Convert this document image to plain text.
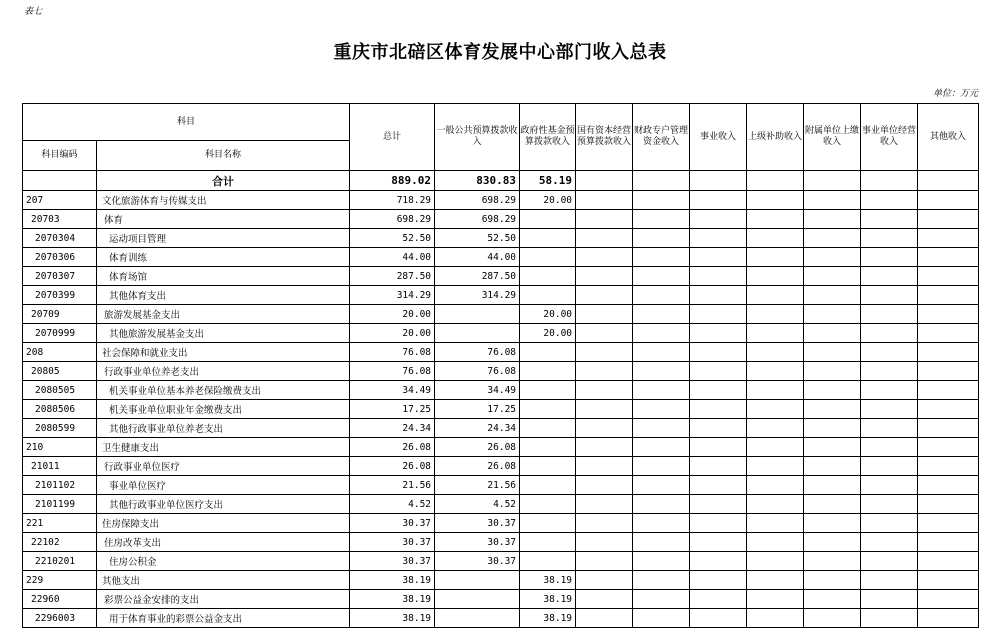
表七
重庆市北碚区体育发展中心部门收入总表
单位：万元
科目		总计	一般公共预算拨款收入	政府性基金预算拨款收入	国有资本经营预算拨款收入	财政专户管理资金收入	事业收入	上级补助收入	附属单位上缴收入	事业单位经营收入	其他收入
科目编码	科目名称										
	合计	889.02	830.83	58.19							
207	文化旅游体育与传媒支出	718.29	698.29	20.00							
20703	体育	698.29	698.29								
2070304	运动项目管理	52.50	52.50								
2070306	体育训练	44.00	44.00								
2070307	体育场馆	287.50	287.50								
2070399	其他体育支出	314.29	314.29								
20709	旅游发展基金支出	20.00		20.00							
2070999	其他旅游发展基金支出	20.00		20.00							
208	社会保障和就业支出	76.08	76.08								
20805	行政事业单位养老支出	76.08	76.08								
2080505	机关事业单位基本养老保险缴费支出	34.49	34.49								
2080506	机关事业单位职业年金缴费支出	17.25	17.25								
2080599	其他行政事业单位养老支出	24.34	24.34								
210	卫生健康支出	26.08	26.08								
21011	行政事业单位医疗	26.08	26.08								
2101102	事业单位医疗	21.56	21.56								
2101199	其他行政事业单位医疗支出	4.52	4.52								
221	住房保障支出	30.37	30.37								
22102	住房改革支出	30.37	30.37								
2210201	住房公积金	30.37	30.37								
229	其他支出	38.19		38.19							
22960	彩票公益金安排的支出	38.19		38.19							
2296003	用于体育事业的彩票公益金支出	38.19		38.19							
